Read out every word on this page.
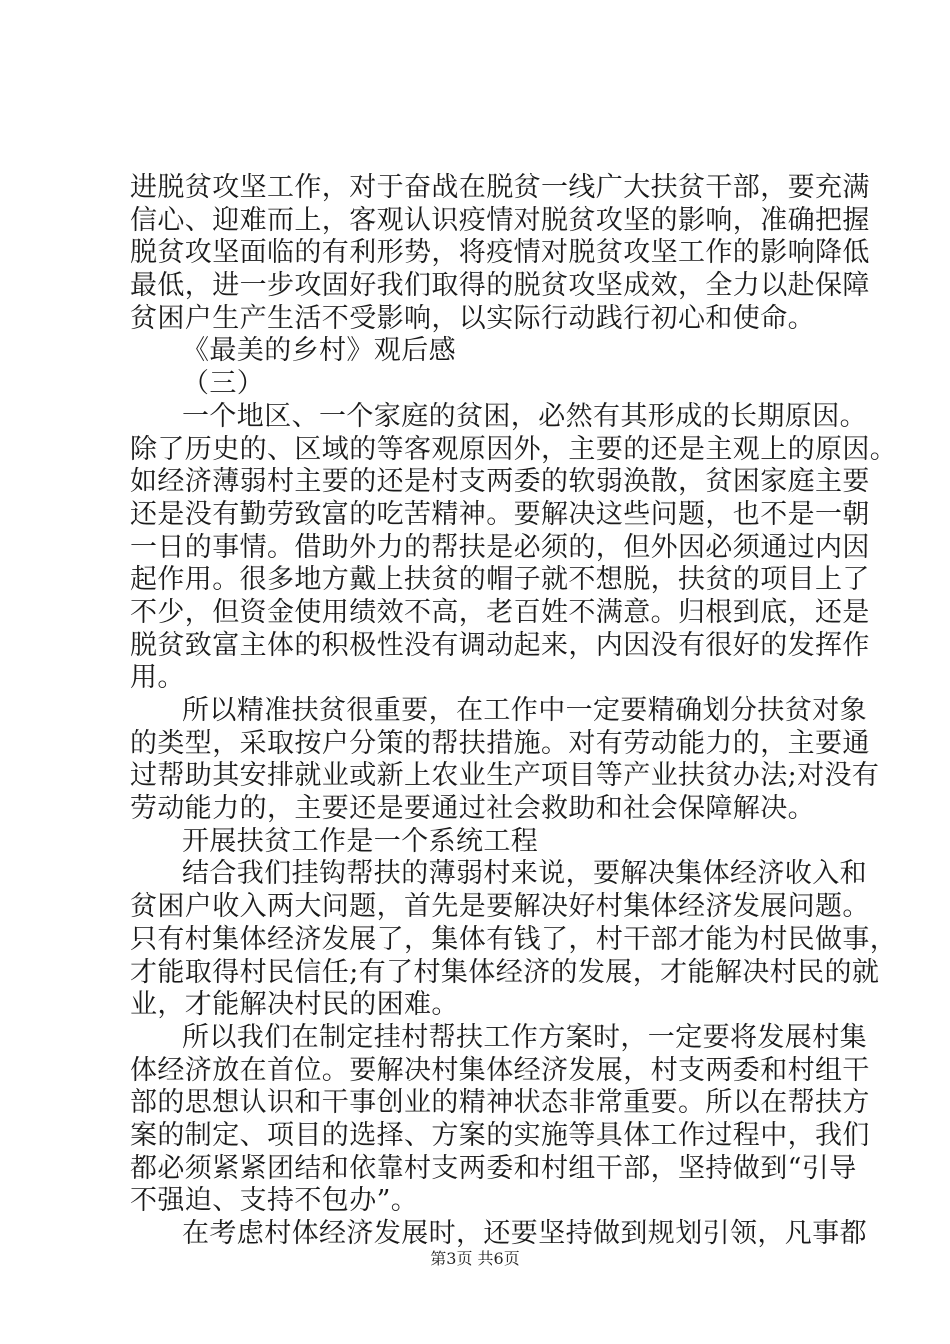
进脱贫攻坚工作，对于奋战在脱贫一线广大扶贫干部，要充满
信心、迎难而上，客观认识疫情对脱贫攻坚的影响，准确把握
脱贫攻坚面临的有利形势，将疫情对脱贫攻坚工作的影响降低
最低，进一步攻固好我们取得的脱贫攻坚成效，全力以赴保障
贫困户生产生活不受影响，以实际行动践行初心和使命。
《最美的乡村》观后感
（三）
一个地区、一个家庭的贫困，必然有其形成的长期原因。
除了历史的、区域的等客观原因外，主要的还是主观上的原因。
如经济薄弱村主要的还是村支两委的软弱涣散，贫困家庭主要
还是没有勤劳致富的吃苦精神。要解决这些问题，也不是一朝
一日的事情。借助外力的帮扶是必须的，但外因必须通过内因
起作用。很多地方戴上扶贫的帽子就不想脱，扶贫的项目上了
不少，但资金使用绩效不高，老百姓不满意。归根到底，还是
脱贫致富主体的积极性没有调动起来，内因没有很好的发挥作
用。
所以精准扶贫很重要，在工作中一定要精确划分扶贫对象
的类型，采取按户分策的帮扶措施。对有劳动能力的，主要通
过帮助其安排就业或新上农业生产项目等产业扶贫办法;对没有
劳动能力的，主要还是要通过社会救助和社会保障解决。
开展扶贫工作是一个系统工程
结合我们挂钩帮扶的薄弱村来说，要解决集体经济收入和
贫困户收入两大问题，首先是要解决好村集体经济发展问题。
只有村集体经济发展了，集体有钱了，村干部才能为村民做事，
才能取得村民信任;有了村集体经济的发展，才能解决村民的就
业，才能解决村民的困难。
所以我们在制定挂村帮扶工作方案时，一定要将发展村集
体经济放在首位。要解决村集体经济发展，村支两委和村组干
部的思想认识和干事创业的精神状态非常重要。所以在帮扶方
案的制定、项目的选择、方案的实施等具体工作过程中，我们
都必须紧紧团结和依靠村支两委和村组干部，坚持做到“引导
不强迫、支持不包办”。
在考虑村体经济发展时，还要坚持做到规划引领，凡事都
第3页 共6页
